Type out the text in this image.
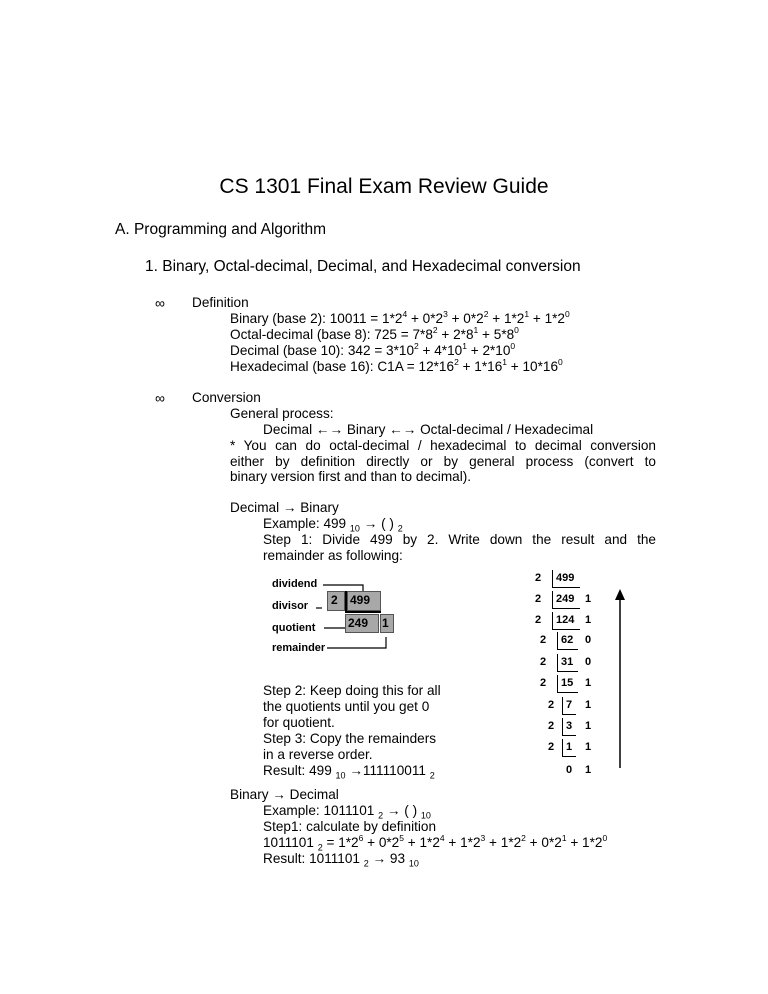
CS 1301 Final Exam Review Guide
A. Programming and Algorithm
1. Binary, Octal-decimal, Decimal, and Hexadecimal conversion
∞ Definition
Binary (base 2): $10011 = 1*2^4 + 0*2^3 + 0*2^2 + 1*2^1 + 1*2^0$
Octal-decimal (base 8): $725 = 7*8^2 + 2*8^1 + 5*8^0$
Decimal (base 10): $342 = 3*10^2 + 4*10^1 + 2*10^0$
Hexadecimal (base 16): $C1A = 12*16^2 + 1*16^1 + 10*16^0$
∞ Conversion
General process:
Decimal ←→ Binary ←→ Octal-decimal / Hexadecimal
* You can do octal-decimal / hexadecimal to decimal conversion
either by definition directly or by general process (convert to
binary version first and than to decimal).
Decimal → Binary
Example: 499 $_{10}$ → ( ) $_2$
Step 1: Divide 499 by 2. Write down the result and the
remainder as following:
dividend
divisor
quotient
remainder
2 499
249 1
Step 2: Keep doing this for all
the quotients until you get 0
for quotient.
Step 3: Copy the remainders
in a reverse order.
Result: 499 $_{10}$ →111110011 $_2$
2 499
2 249 1
2 124 1
2 62 0
2 31 0
2 15 1
2 7 1
2 3 1
2 1 1
0 1
Binary → Decimal
Example: 1011101 $_2$ → ( ) $_{10}$
Step1: calculate by definition
1011101 $_2 = 1*2^6 + 0*2^5 + 1*2^4 + 1*2^3 + 1*2^2 + 0*2^1 + 1*2^0$
Result: 1011101 $_2$ → 93 $_{10}$
